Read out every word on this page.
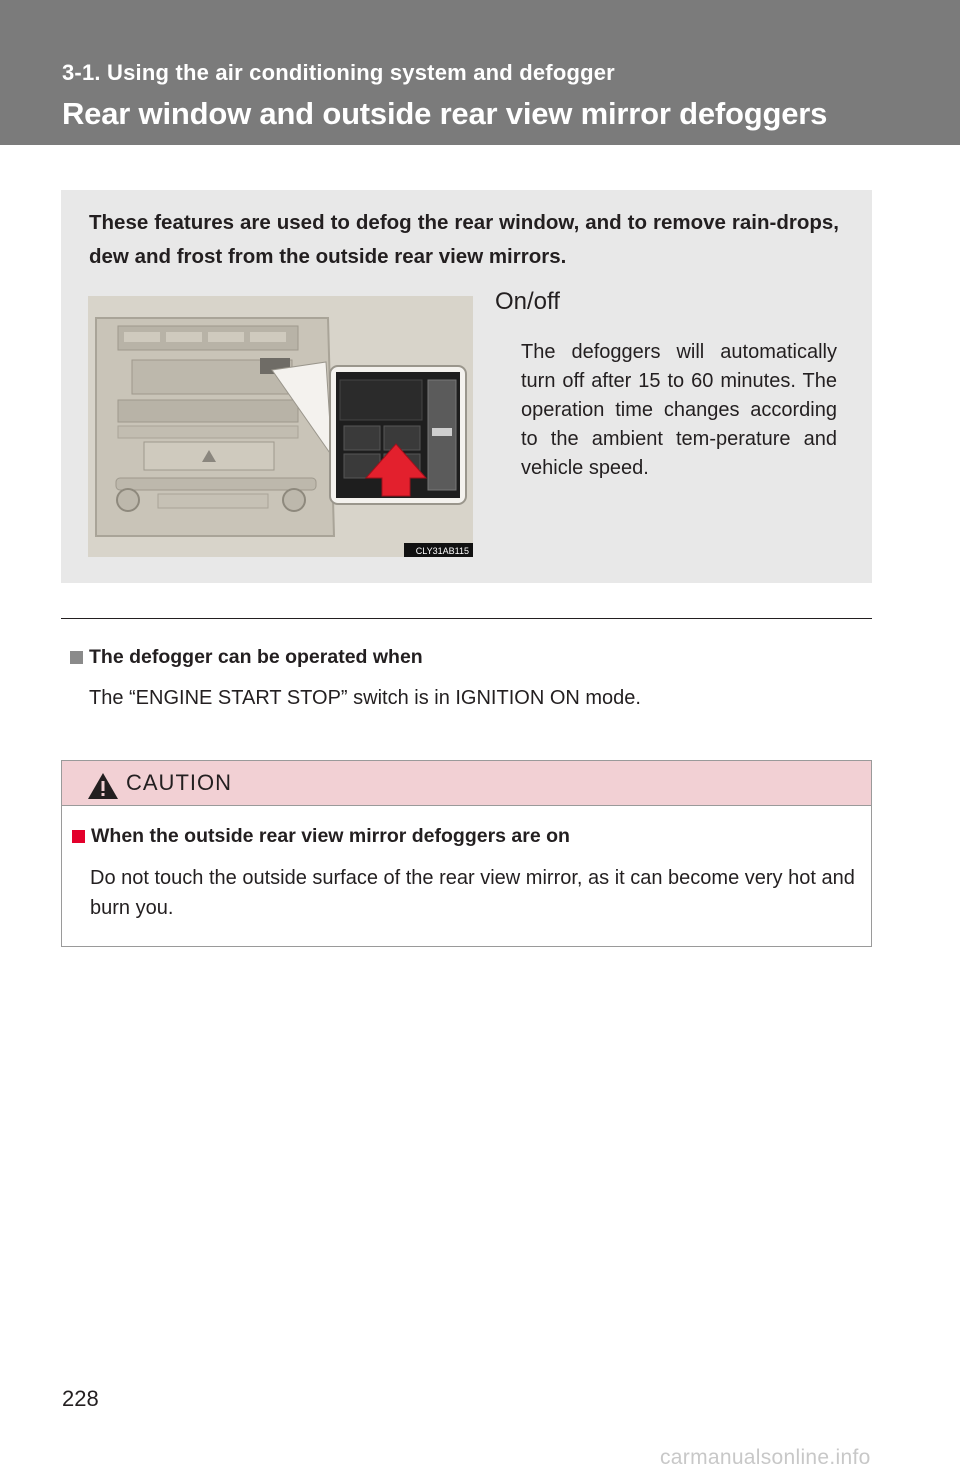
3-1. Using the air conditioning system and defogger

Rear window and outside rear view mirror defoggers

These features are used to defog the rear window, and to remove rain-drops, dew and frost from the outside rear view mirrors.

CLY31AB115

On/off

The defoggers will automatically turn off after 15 to 60 minutes. The operation time changes according to the ambient tem-perature and vehicle speed.

The defogger can be operated when

The “ENGINE START STOP” switch is in IGNITION ON mode.

CAUTION

When the outside rear view mirror defoggers are on

Do not touch the outside surface of the rear view mirror, as it can become very hot and burn you.

228

carmanualsonline.info
